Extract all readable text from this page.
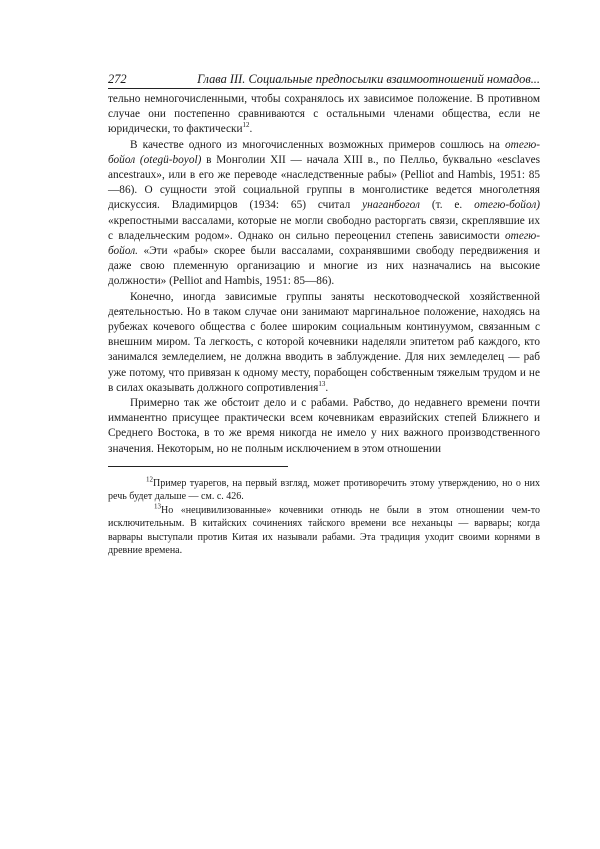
272	Глава III. Социальные предпосылки взаимоотношений номадов...

тельно немногочисленными, чтобы сохранялось их зависимое положение. В противном случае они постепенно сравниваются с остальными членами общества, если не юридически, то фактически$^{12}$.

В качестве одного из многочисленных возможных примеров сошлюсь на отегю-бойол (otegü-boyol) в Монголии XII — начала XIII в., по Пелльо, буквально «esclaves ancestraux», или в его же переводе «наследственные рабы» (Pelliot and Hambis, 1951: 85—86). О сущности этой социальной группы в монголистике ведется многолетняя дискуссия. Владимирцов (1934: 65) считал унаганбогол (т. е. отегю-бойол) «крепостными вассалами, которые не могли свободно расторгать связи, скреплявшие их с владельческим родом». Однако он сильно переоценил степень зависимости отегю-бойол. «Эти «рабы» скорее были вассалами, сохранявшими свободу передвижения и даже свою племенную организацию и многие из них назначались на высокие должности» (Pelliot and Hambis, 1951: 85—86).

Конечно, иногда зависимые группы заняты нескотоводческой хозяйственной деятельностью. Но в таком случае они занимают маргинальное положение, находясь на рубежах кочевого общества с более широким социальным континуумом, связанным с внешним миром. Та легкость, с которой кочевники наделяли эпитетом раб каждого, кто занимался земледелием, не должна вводить в заблуждение. Для них земледелец — раб уже потому, что привязан к одному месту, порабощен собственным тяжелым трудом и не в силах оказывать должного сопротивления$^{13}$.

Примерно так же обстоит дело и с рабами. Рабство, до недавнего времени почти имманентно присущее практически всем кочевникам евразийских степей Ближнего и Среднего Востока, в то же время никогда не имело у них важного производственного значения. Некоторым, но не полным исключением в этом отношении

$^{12}$Пример туарегов, на первый взгляд, может противоречить этому утверждению, но о них речь будет дальше — см. с. 426.

$^{13}$Но «нецивилизованные» кочевники отнюдь не были в этом отношении чем-то исключительным. В китайских сочинениях тайского времени все неханьцы — варвары; когда варвары выступали против Китая их называли рабами. Эта традиция уходит своими корнями в древние времена.
